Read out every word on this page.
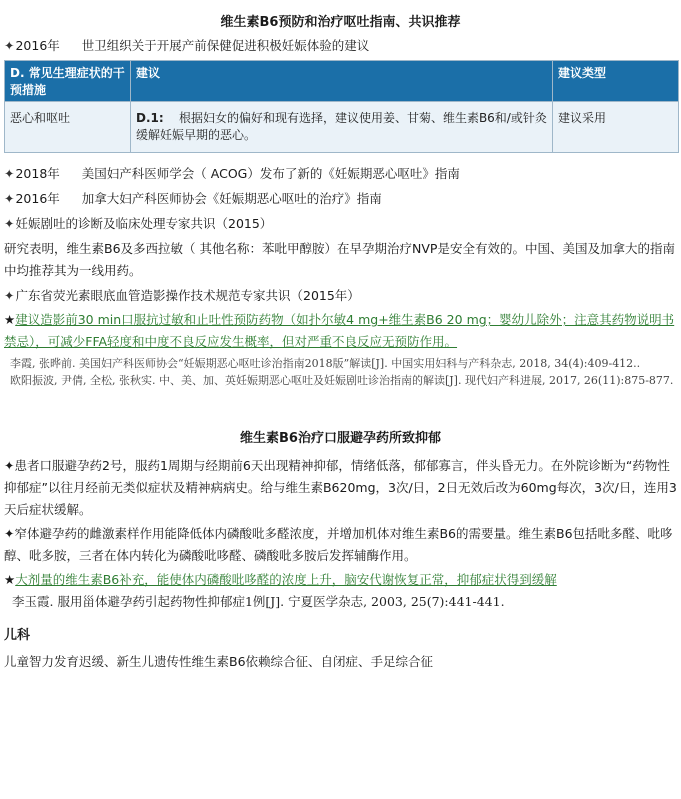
维生素B6预防和治疗呕吐指南、共识推荐
✦2016年 世卫组织关于开展产前保健促进积极妊娠体验的建议
D. 常见生理症状的干预措施	建议	建议类型
恶心和呕吐	D.1: 根据妇女的偏好和现有选择，建议使用姜、甘菊、维生素B6和/或针灸缓解妊娠早期的恶心。	建议采用
✦2018年 美国妇产科医师学会（ ACOG）发布了新的《妊娠期恶心呕吐》指南
✦2016年 加拿大妇产科医师协会《妊娠期恶心呕吐的治疗》指南
✦妊娠剧吐的诊断及临床处理专家共识（2015）
研究表明，维生素B6及多西拉敏（ 其他名称：苯吡甲醇胺）在早孕期治疗NVP是安全有效的。中国、美国及加拿大的指南中均推荐其为一线用药。
✦广东省荧光素眼底血管造影操作技术规范专家共识（2015年）
★建议造影前30 min口服抗过敏和止吐性预防药物（如扑尔敏4 mg+维生素B6 20 mg；婴幼儿除外；注意其药物说明书禁忌），可减少FFA轻度和中度不良反应发生概率，但对严重不良反应无预防作用。
李霞, 张晔前. 美国妇产科医师协会“妊娠期恶心呕吐诊治指南2018版”解读[J]. 中国实用妇科与产科杂志, 2018, 34(4):409-412..
欧阳振波, 尹倩, 全松, 张秋实. 中、美、加、英妊娠期恶心呕吐及妊娠剧吐诊治指南的解读[J]. 现代妇产科进展, 2017, 26(11):875-877.
维生素B6治疗口服避孕药所致抑郁
✦患者口服避孕药2号，服药1周期与经期前6天出现精神抑郁，情绪低落，郁郁寡言，伴头昏无力。在外院诊断为“药物性抑郁症”以往月经前无类似症状及精神病病史。给与维生素B620mg，3次/日，2日无效后改为60mg每次，3次/日，连用3天后症状缓解。
✦窄体避孕药的雌激素样作用能降低体内磷酸吡多醛浓度，并增加机体对维生素B6的需要量。维生素B6包括吡多醛、吡哆醇、吡多胺，三者在体内转化为磷酸吡哆醛、磷酸吡多胺后发挥辅酶作用。
★大剂量的维生素B6补充，能使体内磷酸吡哆醛的浓度上升，脑安代谢恢复正常，抑郁症状得到缓解
李玉霞. 服用甾体避孕药引起药物性抑郁症1例[J]. 宁夏医学杂志, 2003, 25(7):441-441.
儿科
儿童智力发育迟缓、新生儿遗传性维生素B6依赖综合征、自闭症、手足综合征
